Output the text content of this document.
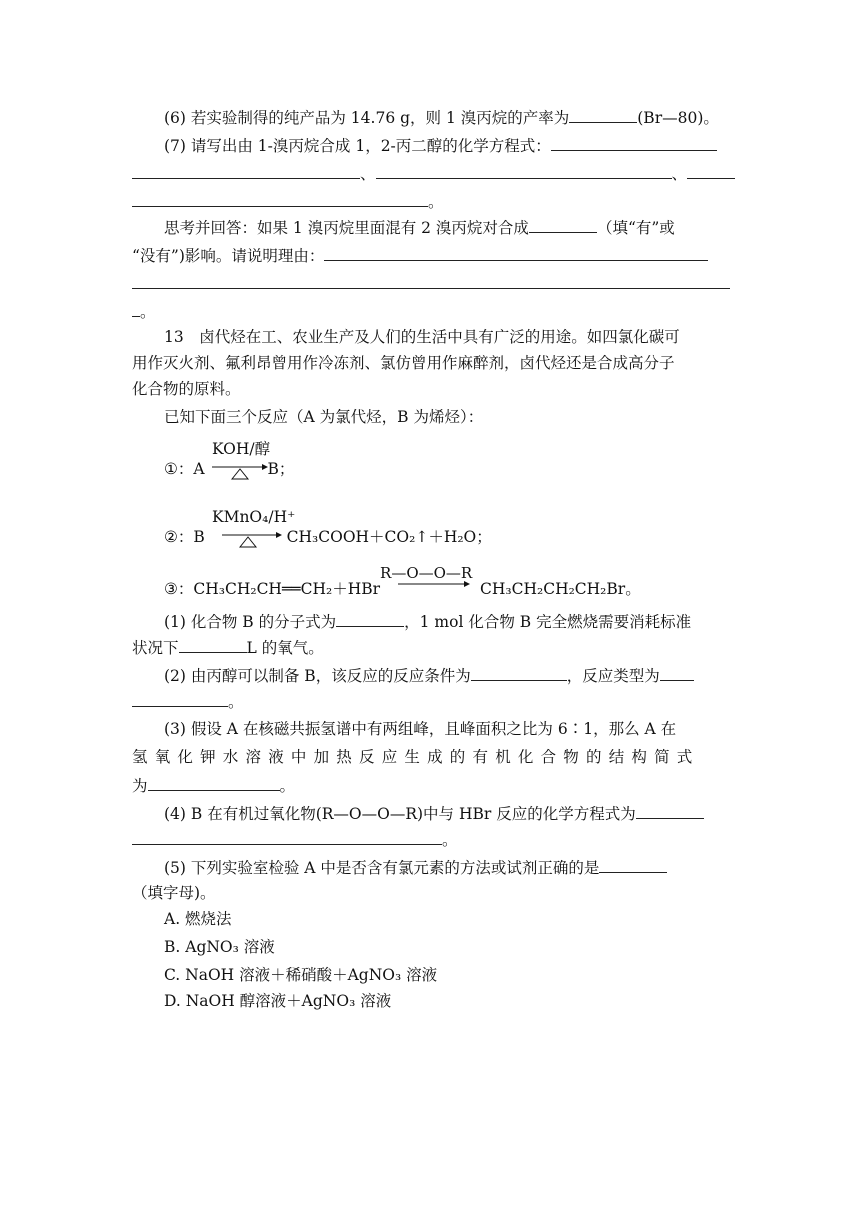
(6) 若实验制得的纯产品为 14.76 g，则 1 溴丙烷的产率为	(Br—80)。
(7) 请写出由 1-溴丙烷合成 1，2-丙二醇的化学方程式：
、	、
。
思考并回答：如果 1 溴丙烷里面混有 2 溴丙烷对合成	（填“有”或
“没有”)影响。请说明理由：
。
13　卤代烃在工、农业生产及人们的生活中具有广泛的用途。如四氯化碳可
用作灭火剂、氟利昂曾用作冷冻剂、氯仿曾用作麻醉剂，卤代烃还是合成高分子
化合物的原料。
已知下面三个反应（A 为氯代烃，B 为烯烃）：
KOH/醇
①：A →B；
KMnO₄/H⁺
②：B	CH₃COOH＋CO₂↑＋H₂O；
③：CH₃CH₂CH══CH₂＋HBr
R—O—O—R
CH₃CH₂CH₂CH₂Br。
(1) 化合物 B 的分子式为	，1 mol 化合物 B 完全燃烧需要消耗标准
状况下	L 的氧气。
(2) 由丙醇可以制备 B，该反应的反应条件为	，反应类型为
。
(3) 假设 A 在核磁共振氢谱中有两组峰，且峰面积之比为 6∶1，那么 A 在
氢氧化钾水溶液中加热反应生成的有机化合物的结构简式
为	。
(4) B 在有机过氧化物(R—O—O—R)中与 HBr 反应的化学方程式为
。
(5) 下列实验室检验 A 中是否含有氯元素的方法或试剂正确的是
（填字母)。
A. 燃烧法
B. AgNO₃ 溶液
C. NaOH 溶液＋稀硝酸＋AgNO₃ 溶液
D. NaOH 醇溶液＋AgNO₃ 溶液
